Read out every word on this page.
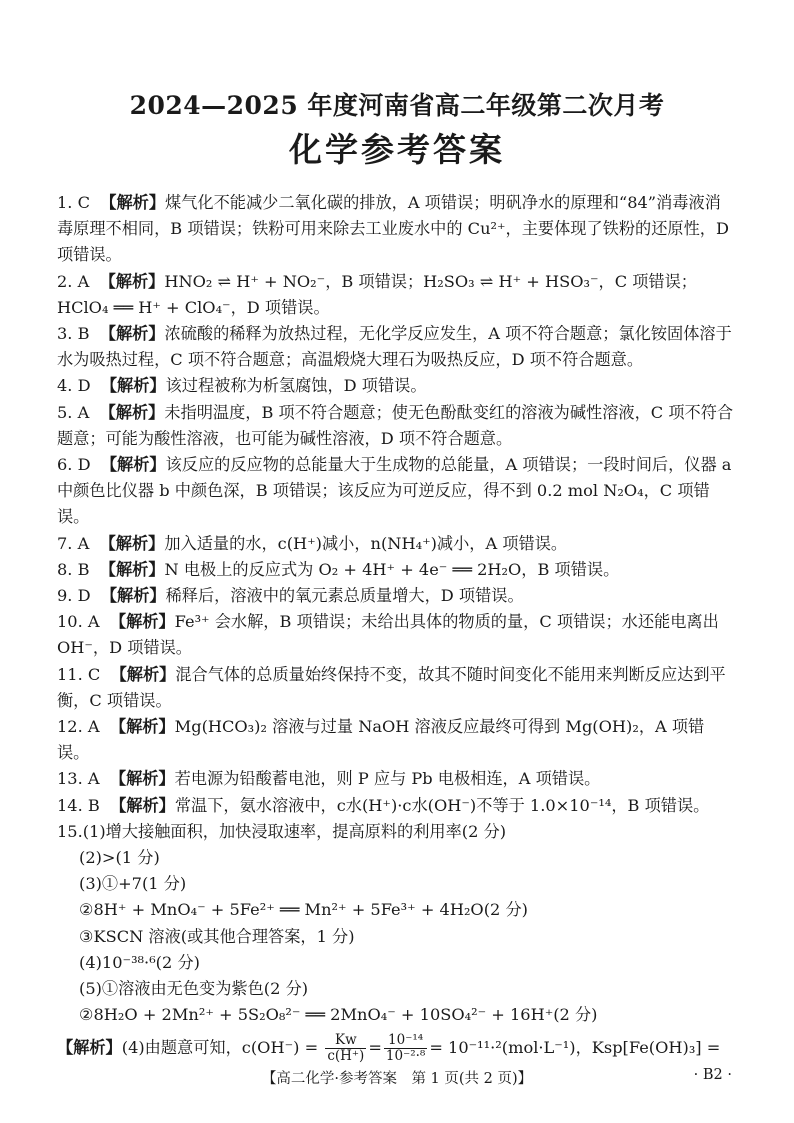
2024—2025 年度河南省高二年级第二次月考
化学参考答案
1. C 【解析】煤气化不能减少二氧化碳的排放，A 项错误；明矾净水的原理和“84”消毒液消毒原理不相同，B 项错误；铁粉可用来除去工业废水中的 Cu²⁺，主要体现了铁粉的还原性，D 项错误。
2. A 【解析】HNO₂ ⇌ H⁺ + NO₂⁻，B 项错误；H₂SO₃ ⇌ H⁺ + HSO₃⁻，C 项错误；HClO₄ ══ H⁺ + ClO₄⁻，D 项错误。
3. B 【解析】浓硫酸的稀释为放热过程，无化学反应发生，A 项不符合题意；氯化铵固体溶于水为吸热过程，C 项不符合题意；高温煅烧大理石为吸热反应，D 项不符合题意。
4. D 【解析】该过程被称为析氢腐蚀，D 项错误。
5. A 【解析】未指明温度，B 项不符合题意；使无色酚酞变红的溶液为碱性溶液，C 项不符合题意；可能为酸性溶液，也可能为碱性溶液，D 项不符合题意。
6. D 【解析】该反应的反应物的总能量大于生成物的总能量，A 项错误；一段时间后，仪器 a 中颜色比仪器 b 中颜色深，B 项错误；该反应为可逆反应，得不到 0.2 mol N₂O₄，C 项错误。
7. A 【解析】加入适量的水，c(H⁺)减小，n(NH₄⁺)减小，A 项错误。
8. B 【解析】N 电极上的反应式为 O₂ + 4H⁺ + 4e⁻ ══ 2H₂O，B 项错误。
9. D 【解析】稀释后，溶液中的氧元素总质量增大，D 项错误。
10. A 【解析】Fe³⁺ 会水解，B 项错误；未给出具体的物质的量，C 项错误；水还能电离出 OH⁻，D 项错误。
11. C 【解析】混合气体的总质量始终保持不变，故其不随时间变化不能用来判断反应达到平衡，C 项错误。
12. A 【解析】Mg(HCO₃)₂ 溶液与过量 NaOH 溶液反应最终可得到 Mg(OH)₂，A 项错误。
13. A 【解析】若电源为铅酸蓄电池，则 P 应与 Pb 电极相连，A 项错误。
14. B 【解析】常温下，氨水溶液中，c水(H⁺)·c水(OH⁻)不等于 1.0×10⁻¹⁴，B 项错误。
15.(1)增大接触面积，加快浸取速率，提高原料的利用率(2 分)
(2)>(1 分)
(3)①+7(1 分)
②8H⁺ + MnO₄⁻ + 5Fe²⁺ ══ Mn²⁺ + 5Fe³⁺ + 4H₂O(2 分)
③KSCN 溶液(或其他合理答案，1 分)
(4)10⁻³⁸·⁶(2 分)
(5)①溶液由无色变为紫色(2 分)
②8H₂O + 2Mn²⁺ + 5S₂O₈²⁻ ══ 2MnO₄⁻ + 10SO₄²⁻ + 16H⁺(2 分)
【解析】(4)由题意可知，$c(OH^-) = \frac{Kw}{c(H^+)} = \frac{\text{10⁻¹⁴}}{\text{10⁻²·⁸}} = 10^{-11}\cdot^2(mol\cdot L^{-1})$，Ksp[Fe(OH)₃] =
【高二化学·参考答案　第 1 页(共 2 页)】	· B2 ·
